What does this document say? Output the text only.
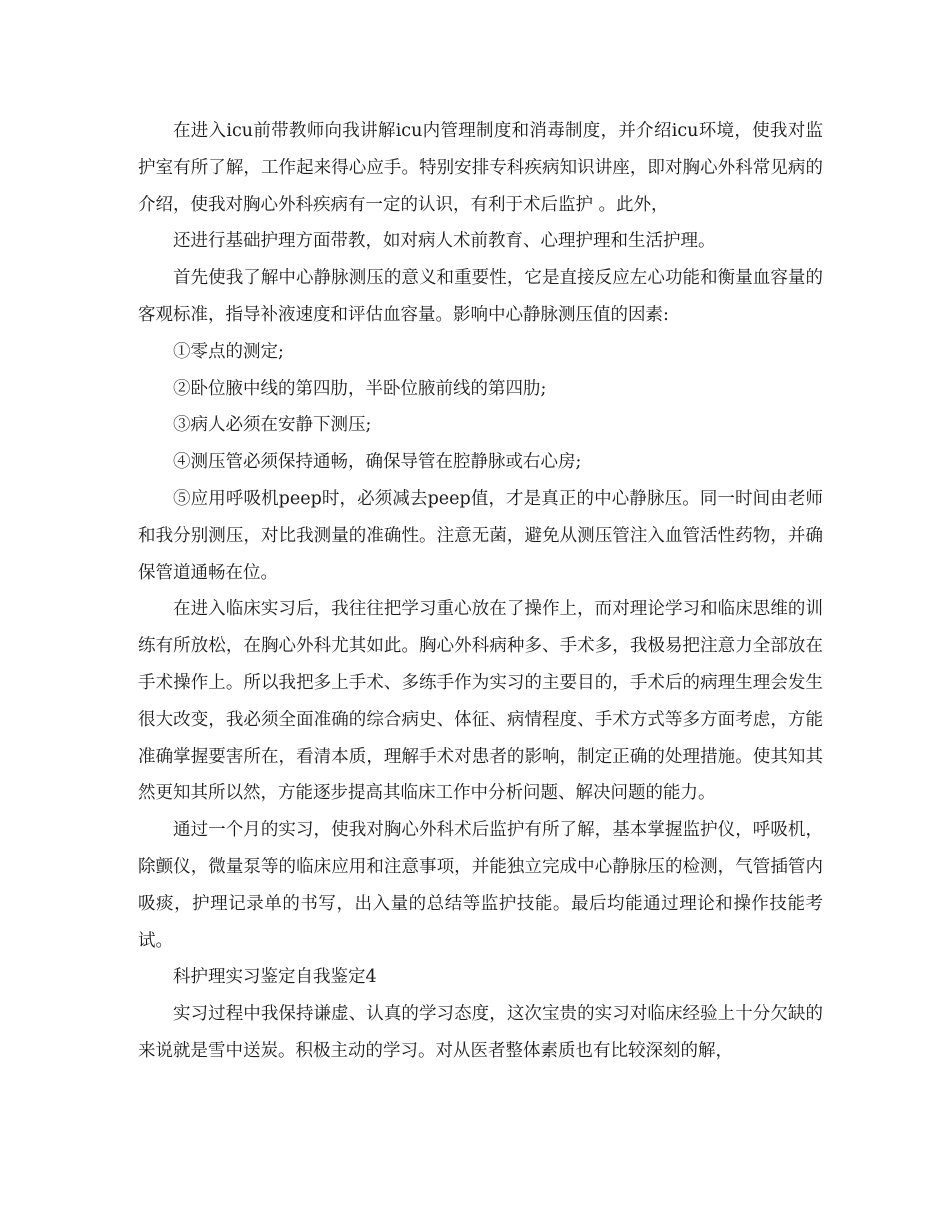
在进入icu前带教师向我讲解icu内管理制度和消毒制度，并介绍icu环境，使我对监护室有所了解，工作起来得心应手。特别安排专科疾病知识讲座，即对胸心外科常见病的介绍，使我对胸心外科疾病有一定的认识，有利于术后监护 。此外，

还进行基础护理方面带教，如对病人术前教育、心理护理和生活护理。

首先使我了解中心静脉测压的意义和重要性，它是直接反应左心功能和衡量血容量的客观标准，指导补液速度和评估血容量。影响中心静脉测压值的因素:

①零点的测定;

②卧位腋中线的第四肋，半卧位腋前线的第四肋;

③病人必须在安静下测压;

④测压管必须保持通畅，确保导管在腔静脉或右心房;

⑤应用呼吸机peep时，必须减去peep值，才是真正的中心静脉压。同一时间由老师和我分别测压，对比我测量的准确性。注意无菌，避免从测压管注入血管活性药物，并确保管道通畅在位。

在进入临床实习后，我往往把学习重心放在了操作上，而对理论学习和临床思维的训练有所放松，在胸心外科尤其如此。胸心外科病种多、手术多，我极易把注意力全部放在手术操作上。所以我把多上手术、多练手作为实习的主要目的，手术后的病理生理会发生很大改变，我必须全面准确的综合病史、体征、病情程度、手术方式等多方面考虑，方能准确掌握要害所在，看清本质，理解手术对患者的影响，制定正确的处理措施。使其知其然更知其所以然，方能逐步提高其临床工作中分析问题、解决问题的能力。

通过一个月的实习，使我对胸心外科术后监护有所了解，基本掌握监护仪，呼吸机，除颤仪，微量泵等的临床应用和注意事项，并能独立完成中心静脉压的检测，气管插管内吸痰，护理记录单的书写，出入量的总结等监护技能。最后均能通过理论和操作技能考试。

科护理实习鉴定自我鉴定4

实习过程中我保持谦虚、认真的学习态度，这次宝贵的实习对临床经验上十分欠缺的来说就是雪中送炭。积极主动的学习。对从医者整体素质也有比较深刻的解，
